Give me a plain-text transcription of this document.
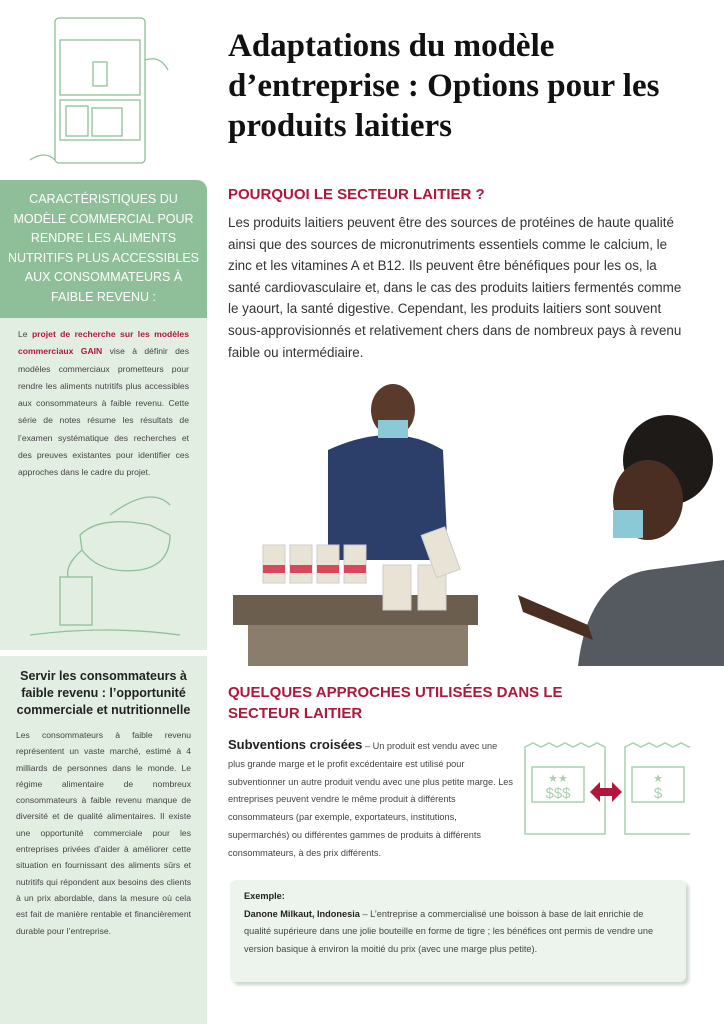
CARACTÉRISTIQUES DU MODÈLE COMMERCIAL POUR RENDRE LES ALIMENTS NUTRITIFS PLUS ACCESSIBLES AUX CONSOMMATEURS À FAIBLE REVENU :
Le projet de recherche sur les modèles commerciaux GAIN vise à définir des modèles commerciaux prometteurs pour rendre les aliments nutritifs plus accessibles aux consommateurs à faible revenu. Cette série de notes résume les résultats de l’examen systématique des recherches et des preuves existantes pour identifier ces approches dans le cadre du projet.
Servir les consommateurs à faible revenu : l’opportunité commerciale et nutritionnelle

Les consommateurs à faible revenu représentent un vaste marché, estimé à 4 milliards de personnes dans le monde. Le régime alimentaire de nombreux consommateurs à faible revenu manque de diversité et de qualité alimentaires. Il existe une opportunité commerciale pour les entreprises privées d’aider à améliorer cette situation en fournissant des aliments sûrs et nutritifs qui répondent aux besoins des clients à un prix abordable, dans la mesure où cela est fait de manière rentable et financièrement durable pour l’entreprise.

Adaptations du modèle d’entreprise : Options pour les produits laitiers
POURQUOI LE SECTEUR LAITIER ?

Les produits laitiers peuvent être des sources de protéines de haute qualité ainsi que des sources de micronutriments essentiels comme le calcium, le zinc et les vitamines A et B12. Ils peuvent être bénéfiques pour les os, la santé cardiovasculaire et, dans le cas des produits laitiers fermentés comme le yaourt, la santé digestive. Cependant, les produits laitiers sont souvent sous-approvisionnés et relativement chers dans de nombreux pays à revenu faible ou intermédiaire.

QUELQUES APPROCHES UTILISÉES DANS LE SECTEUR LAITIER

Subventions croisées – Un produit est vendu avec une plus grande marge et le profit excédentaire est utilisé pour subventionner un autre produit vendu avec une plus petite marge. Les entreprises peuvent vendre le même produit à différents consommateurs (par exemple, exportateurs, institutions, supermarchés) ou différentes gammes de produits à différents consommateurs, à des prix différents.

★★
$$$
★
$
Exemple:
Danone Milkaut, Indonesia – L’entreprise a commercialisé une boisson à base de lait enrichie de qualité supérieure dans une jolie bouteille en forme de tigre ; les bénéfices ont permis de vendre une version basique à environ la moitié du prix (avec une marge plus petite).
